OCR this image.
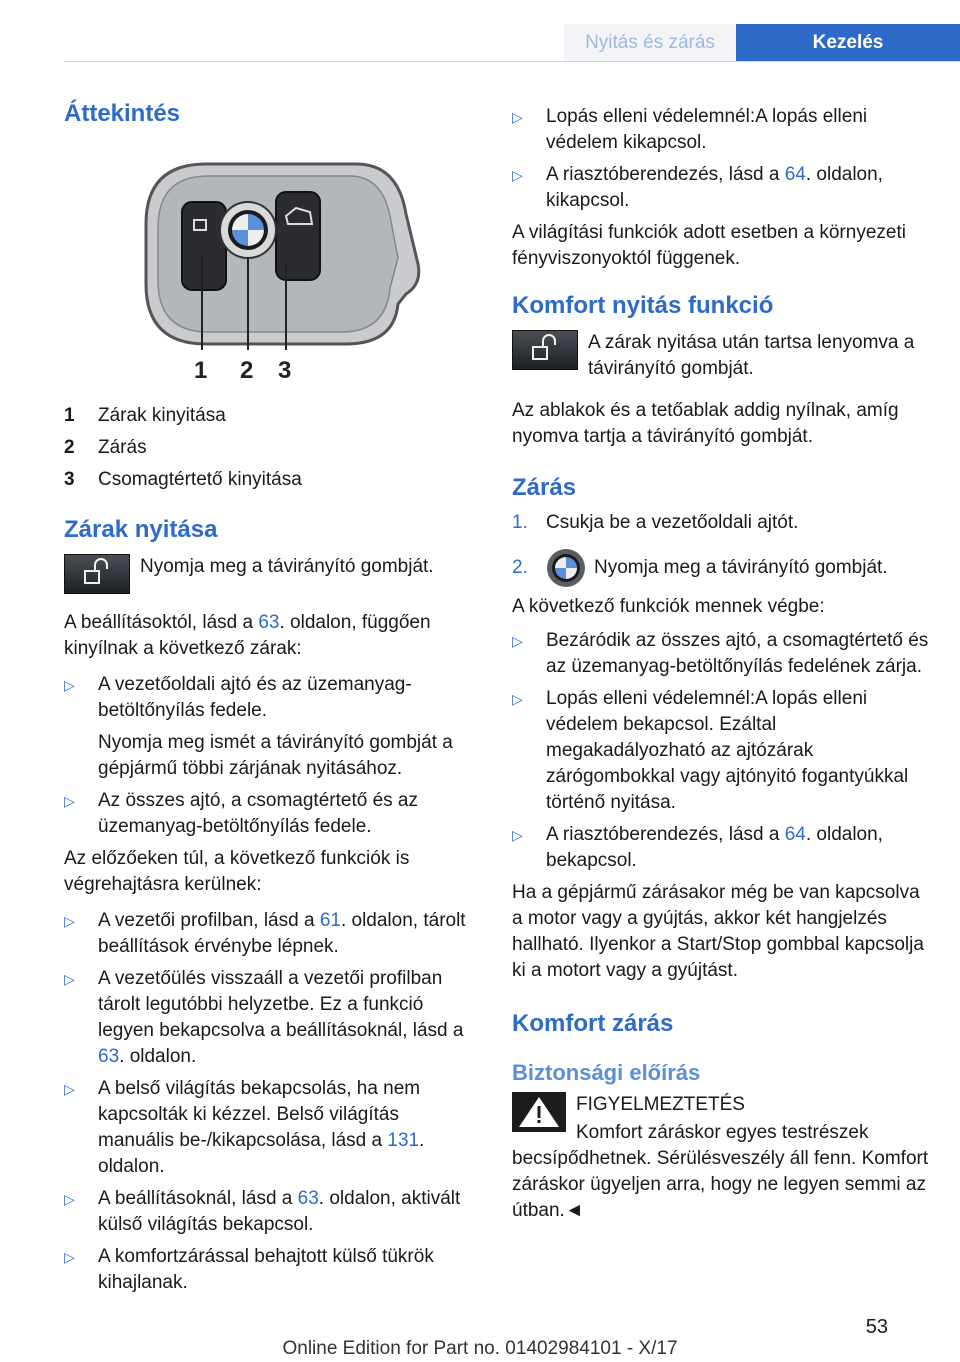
Nyitás és zárás	Kezelés
Áttekintés
1 2 3
1	Zárak kinyitása
2	Zárás
3	Csomagtértető kinyitása
Zárak nyitása

Nyomja meg a távirányító gombját.

A beállításoktól, lásd a 63. oldalon, függően kinyílnak a következő zárak:

▷	A vezetőoldali ajtó és az üzemanyag-betöltőnyílás fedele.

Nyomja meg ismét a távirányító gombját a gépjármű többi zárjának nyitásához.

▷	Az összes ajtó, a csomagtértető és az üzemanyag-betöltőnyílás fedele.

Az előzőeken túl, a következő funkciók is végrehajtásra kerülnek:

▷	A vezetői profilban, lásd a 61. oldalon, tárolt beállítások érvénybe lépnek.

▷	A vezetőülés visszaáll a vezetői profilban tárolt legutóbbi helyzetbe. Ez a funkció legyen bekapcsolva a beállításoknál, lásd a 63. oldalon.

▷	A belső világítás bekapcsolás, ha nem kapcsolták ki kézzel. Belső világítás manuális be-/kikapcsolása, lásd a 131. oldalon.

▷	A beállításoknál, lásd a 63. oldalon, aktivált külső világítás bekapcsol.

▷	A komfortzárással behajtott külső tükrök kihajlanak.

▷	Lopás elleni védelemnél:A lopás elleni védelem kikapcsol.

▷	A riasztóberendezés, lásd a 64. oldalon, kikapcsol.

A világítási funkciók adott esetben a környezeti fényviszonyoktól függenek.

Komfort nyitás funkció

A zárak nyitása után tartsa lenyomva a távirányító gombját.

Az ablakok és a tetőablak addig nyílnak, amíg nyomva tartja a távirányító gombját.

Zárás
1. Csukja be a vezetőoldali ajtót.

2.	Nyomja meg a távirányító gombját.

A következő funkciók mennek végbe:

▷	Bezáródik az összes ajtó, a csomagtértető és az üzemanyag-betöltőnyílás fedelének zárja.

▷	Lopás elleni védelemnél:A lopás elleni védelem bekapcsol. Ezáltal megakadályozható az ajtózárak zárógombokkal vagy ajtónyitó fogantyúkkal történő nyitása.

▷	A riasztóberendezés, lásd a 64. oldalon, bekapcsol.

Ha a gépjármű zárásakor még be van kapcsolva a motor vagy a gyújtás, akkor két hangjelzés hallható. Ilyenkor a Start/Stop gombbal kapcsolja ki a motort vagy a gyújtást.

Komfort zárás
Biztonsági előírás

FIGYELMEZTETÉS

Komfort záráskor egyes testrészek becsípődhetnek. Sérülésveszély áll fenn. Komfort záráskor ügyeljen arra, hogy ne legyen semmi az útban.◄

53
Online Edition for Part no. 01402984101 - X/17
